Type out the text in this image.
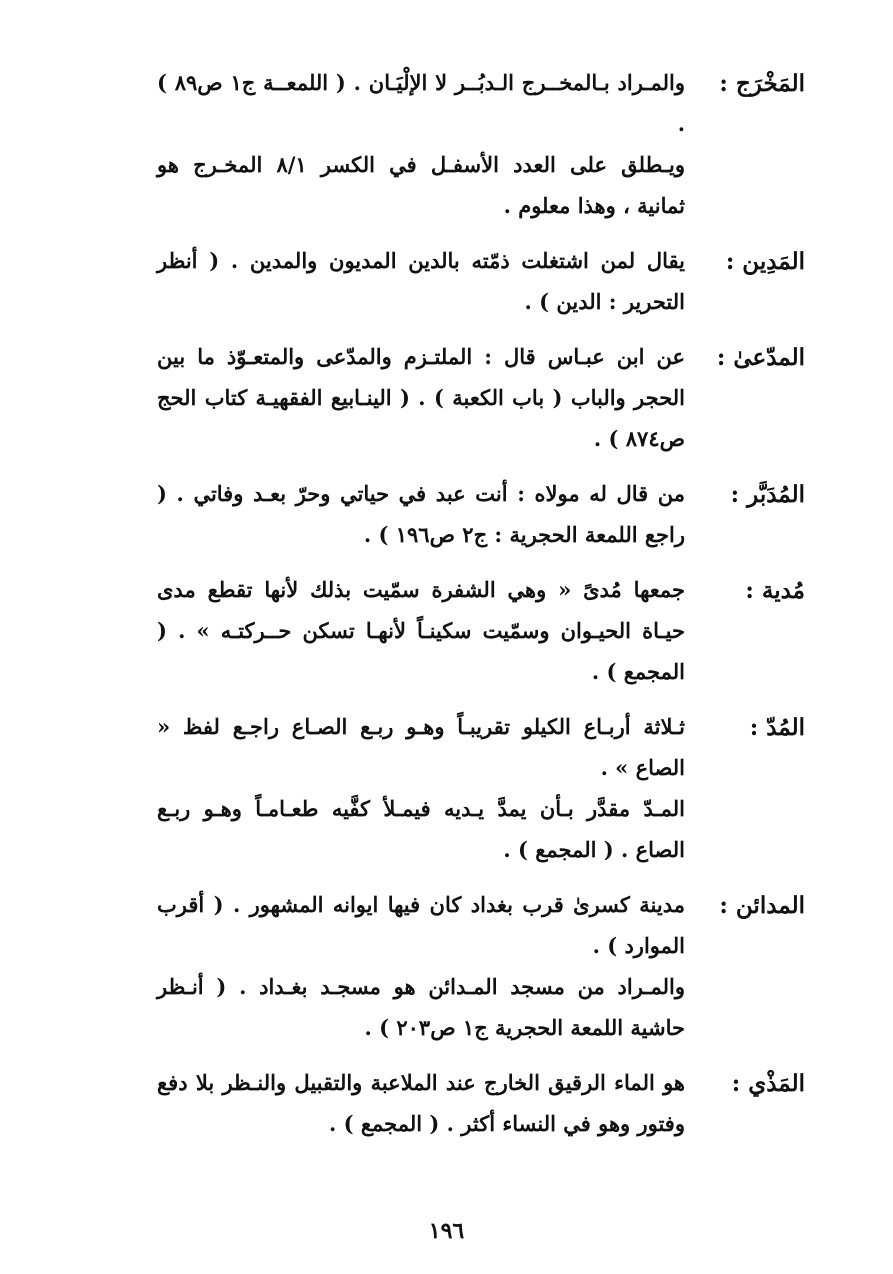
المَخْرَج :
والمـراد بـالمخــرج الـدبُــر لا الإلْيَـان . ( اللمعــة ج١ ص٨٩ ) .
ويـطلق على العدد الأسفـل في الكسر ٨/١ المخـرج هو ثمانية ، وهذا معلوم .
المَدِين :
يقال لمن اشتغلت ذمّته بالدين المديون والمدين . ( أنظر التحرير : الدين ) .
المدّعىٰ :
عن ابن عبـاس قال : الملتـزم والمدّعى والمتعـوّذ ما بين الحجر والباب ( باب الكعبة ) . ( الينـابيع الفقهيـة كتاب الحج ص٨٧٤ ) .
المُدَبَّر :
من قال له مولاه : أنت عبد في حياتي وحرّ بعـد وفاتي . ( راجع اللمعة الحجرية : ج٢ ص١٩٦ ) .
مُدية :
جمعها مُدىً « وهي الشفرة سمّيت بذلك لأنها تقطع مدى حيـاة الحيـوان وسمّيت سكينـاً لأنهـا تسكن حــركتـه » . ( المجمع ) .
المُدّ :
ثـلاثة أربـاع الكيلو تقريبـاً وهـو ربـع الصـاع راجـع لفظ « الصاع » .
المـدّ مقدَّر بـأن يمدَّ يـديه فيمـلأ كفَّيه طعـامـاً وهـو ربـع الصاع . ( المجمع ) .
المدائن :
مدينة كسرىٰ قرب بغداد كان فيها ايوانه المشهور . ( أقرب الموارد ) .
والمـراد من مسجد المـدائن هو مسجـد بغـداد . ( أنـظر حاشية اللمعة الحجرية ج١ ص٢٠٣ ) .
المَذْي :
هو الماء الرقيق الخارج عند الملاعبة والتقبيل والنـظر بلا دفع وفتور وهو في النساء أكثر . ( المجمع ) .
١٩٦
